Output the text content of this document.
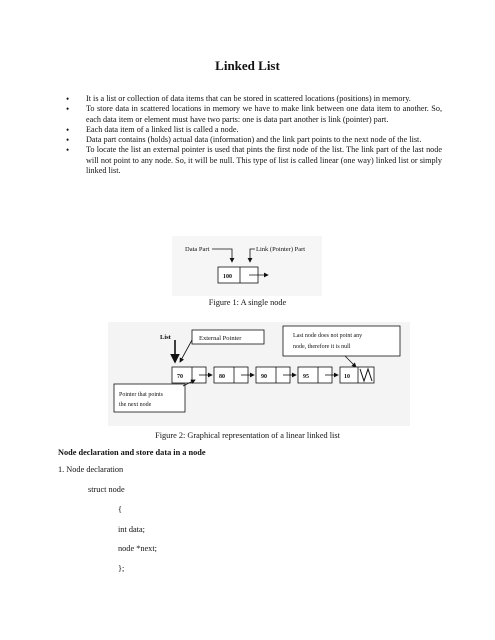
Linked List
• It is a list or collection of data items that can be stored in scattered locations (positions) in memory.
• To store data in scattered locations in memory we have to make link between one data item to another. So, each data item or element must have two parts: one is data part another is link (pointer) part.
• Each data item of a linked list is called a node.
• Data part contains (holds) actual data (information) and the link part points to the next node of the list.
• To locate the list an external pointer is used that pints the first node of the list. The link part of the last node will not point to any node. So, it will be null. This type of list is called linear (one way) linked list or simply linked list.
Data Part	Link (Pointer) Part
100
Figure 1: A single node
List	External Pointer	Last node does not point any
node, therefore it is null
70	80	90	95	10
Pointer that points
the next node
Figure 2: Graphical representation of a linear linked list
Node declaration and store data in a node
1. Node declaration
struct node
{
int data;
node *next;
};
